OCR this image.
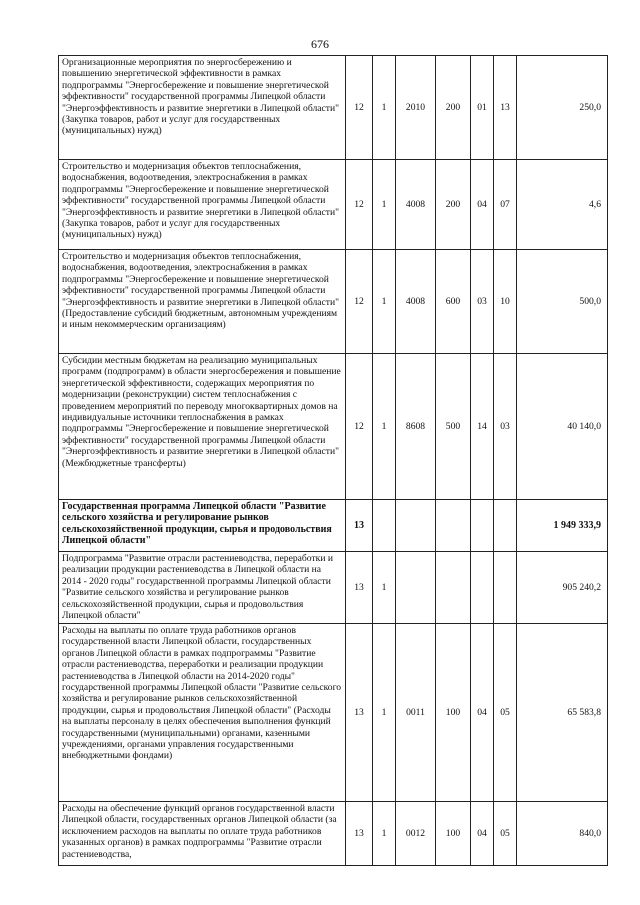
676
Организационные мероприятия по энергосбережению и повышению энергетической эффективности в рамках подпрограммы "Энергосбережение и повышение энергетической эффективности" государственной программы Липецкой области "Энергоэффективность и развитие энергетики в Липецкой области" (Закупка товаров, работ и услуг для государственных (муниципальных) нужд)	12	1	2010	200	01	13	250,0
Строительство и модернизация объектов теплоснабжения, водоснабжения, водоотведения, электроснабжения в рамках подпрограммы "Энергосбережение и повышение энергетической эффективности" государственной программы Липецкой области "Энергоэффективность и развитие энергетики в Липецкой области" (Закупка товаров, работ и услуг для государственных (муниципальных) нужд)	12	1	4008	200	04	07	4,6
Строительство и модернизация объектов теплоснабжения, водоснабжения, водоотведения, электроснабжения в рамках подпрограммы "Энергосбережение и повышение энергетической эффективности" государственной программы Липецкой области "Энергоэффективность и развитие энергетики в Липецкой области" (Предоставление субсидий бюджетным, автономным учреждениям и иным некоммерческим организациям)	12	1	4008	600	03	10	500,0
Субсидии местным бюджетам на реализацию муниципальных программ (подпрограмм) в области энергосбережения и повышение энергетической эффективности, содержащих мероприятия по модернизации (реконструкции) систем теплоснабжения с проведением мероприятий по переводу многоквартирных домов на индивидуальные источники теплоснабжения в рамках подпрограммы "Энергосбережение и повышение энергетической эффективности" государственной программы Липецкой области "Энергоэффективность и развитие энергетики в Липецкой области" (Межбюджетные трансферты)	12	1	8608	500	14	03	40 140,0
Государственная программа Липецкой области "Развитие сельского хозяйства и регулирование рынков сельскохозяйственной продукции, сырья и продовольствия Липецкой области"	13						1 949 333,9
Подпрограмма "Развитие отрасли растениеводства, переработки и реализации продукции растениеводства в Липецкой области на 2014 - 2020 годы" государственной программы Липецкой области "Развитие сельского хозяйства и регулирование рынков сельскохозяйственной продукции, сырья и продовольствия Липецкой области"	13	1					905 240,2
Расходы на выплаты по оплате труда работников органов государственной власти Липецкой области, государственных органов Липецкой области в рамках подпрограммы "Развитие отрасли растениеводства, переработки и реализации продукции растениеводства в Липецкой области на 2014-2020 годы" государственной программы Липецкой области "Развитие сельского хозяйства и регулирование рынков сельскохозяйственной продукции, сырья и продовольствия Липецкой области" (Расходы на выплаты персоналу в целях обеспечения выполнения функций государственными (муниципальными) органами, казенными учреждениями, органами управления государственными внебюджетными фондами)	13	1	0011	100	04	05	65 583,8
Расходы на обеспечение функций органов государственной власти Липецкой области, государственных органов Липецкой области (за исключением расходов на выплаты по оплате труда работников указанных органов) в рамках подпрограммы "Развитие отрасли растениеводства,	13	1	0012	100	04	05	840,0
